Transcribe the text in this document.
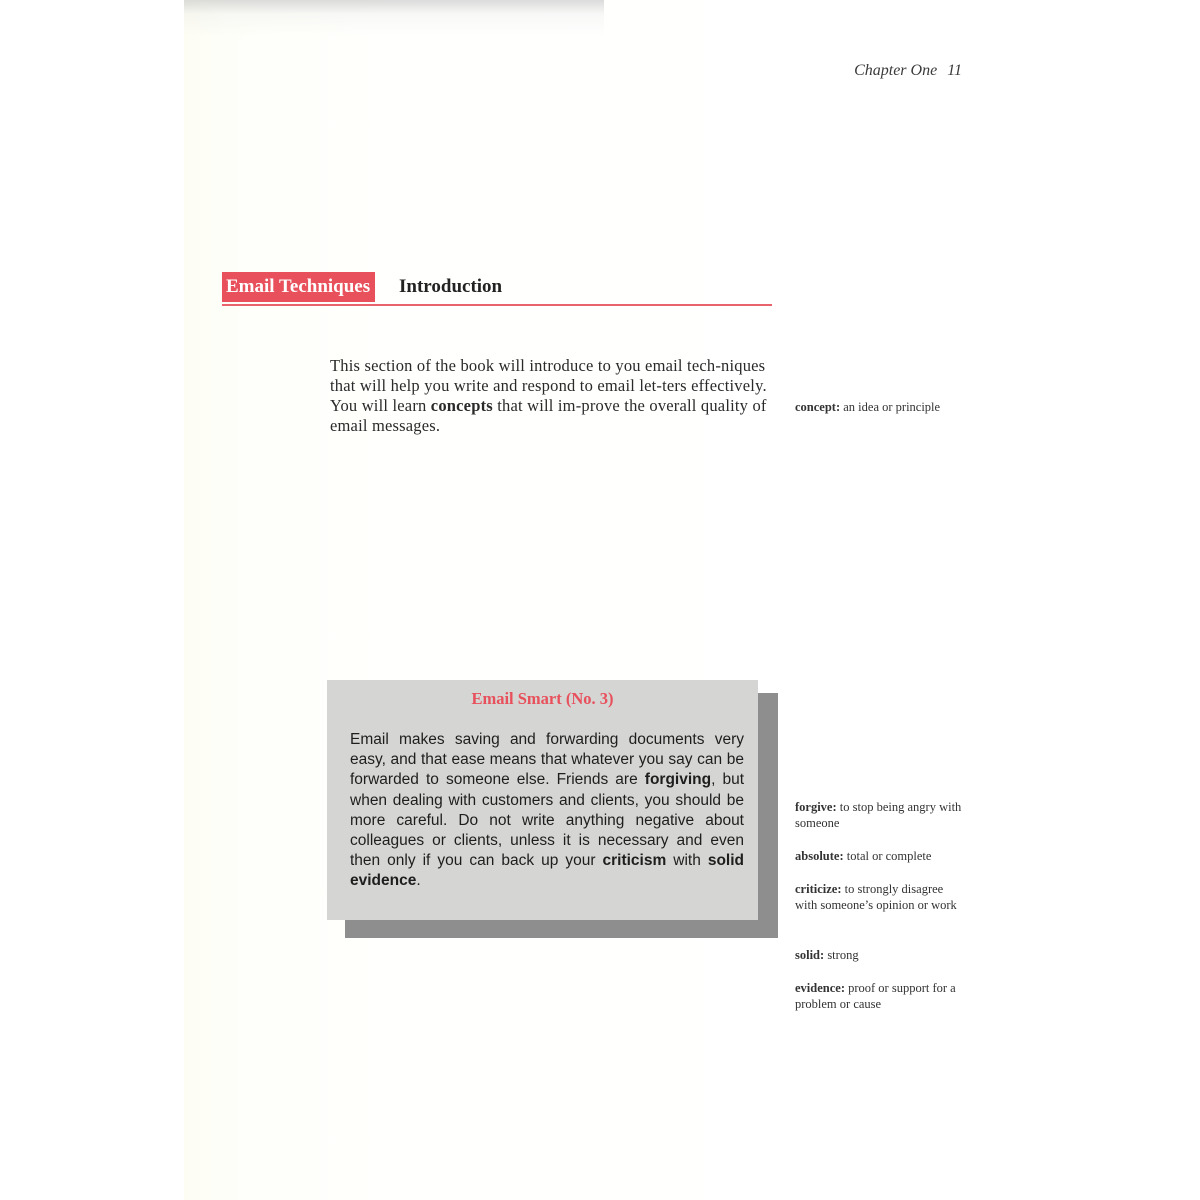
Chapter One 11
Email Techniques Introduction
This section of the book will introduce to you email tech-niques that will help you write and respond to email let-ters effectively. You will learn concepts that will im-prove the overall quality of email messages.
concept: an idea or principle
Email Smart (No. 3)
Email makes saving and forwarding documents very easy, and that ease means that whatever you say can be forwarded to someone else. Friends are forgiving, but when dealing with customers and clients, you should be more careful. Do not write anything negative about colleagues or clients, unless it is necessary and even then only if you can back up your criticism with solid evidence.
forgive: to stop being angry with someone
absolute: total or complete
criticize: to strongly disagree with someone’s opinion or work
solid: strong
evidence: proof or support for a problem or cause
